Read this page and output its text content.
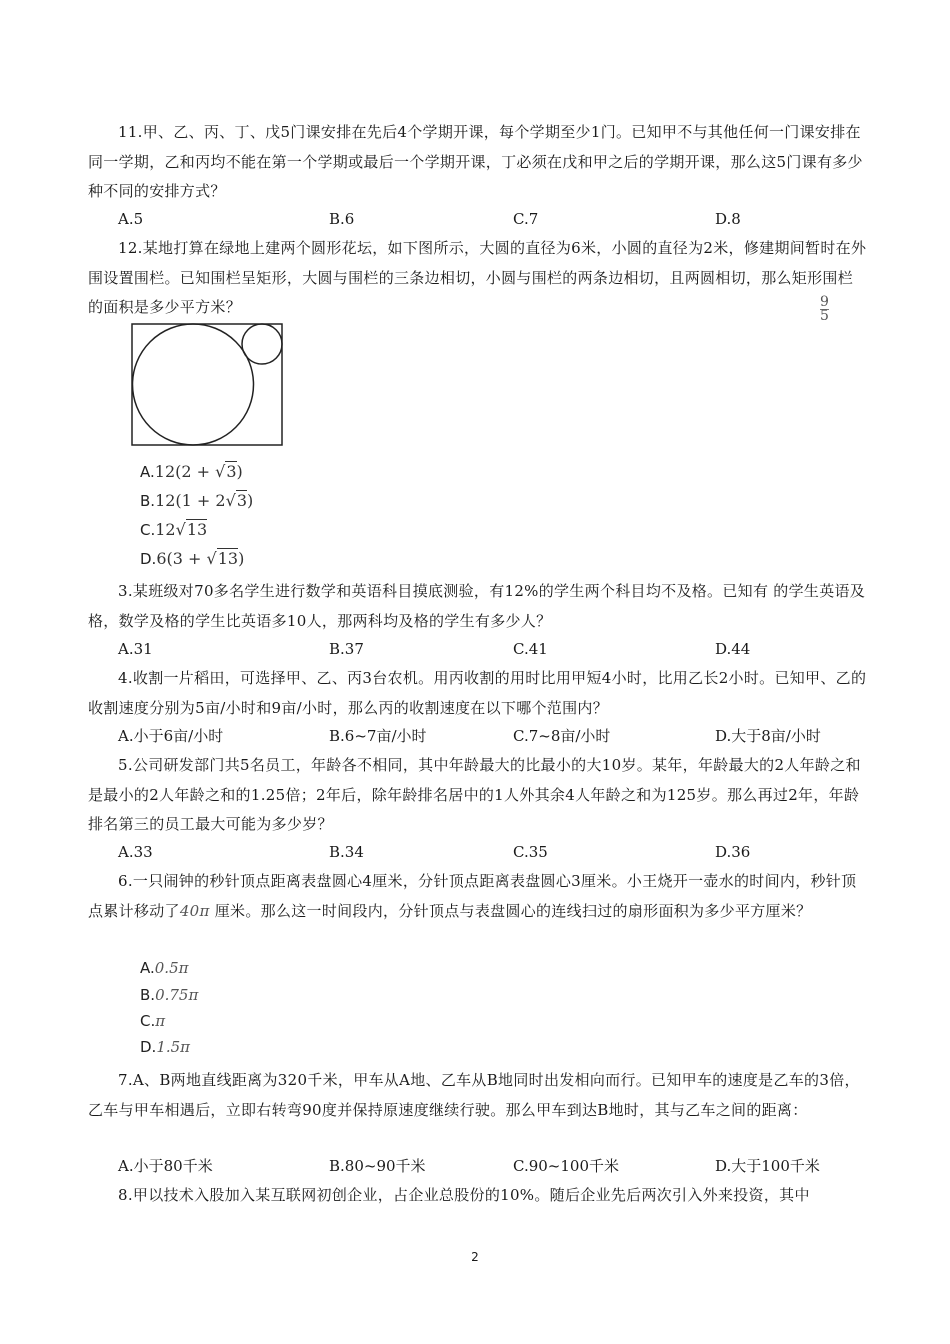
11.甲、乙、丙、丁、戊5门课安排在先后4个学期开课，每个学期至少1门。已知甲不与其他任何一门课安排在同一学期，乙和丙均不能在第一个学期或最后一个学期开课，丁必须在戊和甲之后的学期开课，那么这5门课有多少种不同的安排方式？

A.5	B.6	C.7	D.8

12.某地打算在绿地上建两个圆形花坛，如下图所示，大圆的直径为6米，小圆的直径为2米，修建期间暂时在外围设置围栏。已知围栏呈矩形，大圆与围栏的三条边相切，小圆与围栏的两条边相切，且两圆相切，那么矩形围栏的面积是多少平方米？	$\frac{9}{5}$
A.12(2 + √3)
B.12(1 + 2√3)
C.12√13
D.6(3 + √13)

3.某班级对70多名学生进行数学和英语科目摸底测验，有12%的学生两个科目均不及格。已知有 的学生英语及格，数学及格的学生比英语多10人，那两科均及格的学生有多少人？

A.31	B.37	C.41	D.44

4.收割一片稻田，可选择甲、乙、丙3台农机。用丙收割的用时比用甲短4小时，比用乙长2小时。已知甲、乙的收割速度分别为5亩/小时和9亩/小时，那么丙的收割速度在以下哪个范围内？

A.小于6亩/小时	B.6~7亩/小时	C.7~8亩/小时	D.大于8亩/小时

5.公司研发部门共5名员工，年龄各不相同，其中年龄最大的比最小的大10岁。某年，年龄最大的2人年龄之和是最小的2人年龄之和的1.25倍；2年后，除年龄排名居中的1人外其余4人年龄之和为125岁。那么再过2年，年龄排名第三的员工最大可能为多少岁？

A.33	B.34	C.35	D.36

6.一只闹钟的秒针顶点距离表盘圆心4厘米，分针顶点距离表盘圆心3厘米。小王烧开一壶水的时间内，秒针顶点累计移动了40π 厘米。那么这一时间段内，分针顶点与表盘圆心的连线扫过的扇形面积为多少平方厘米？

A.0.5π
B.0.75π
C.π
D.1.5π

7.A、B两地直线距离为320千米，甲车从A地、乙车从B地同时出发相向而行。已知甲车的速度是乙车的3倍，乙车与甲车相遇后，立即右转弯90度并保持原速度继续行驶。那么甲车到达B地时，其与乙车之间的距离：

A.小于80千米	B.80~90千米	C.90~100千米	D.大于100千米

8.甲以技术入股加入某互联网初创企业，占企业总股份的10%。随后企业先后两次引入外来投资，其中

2
